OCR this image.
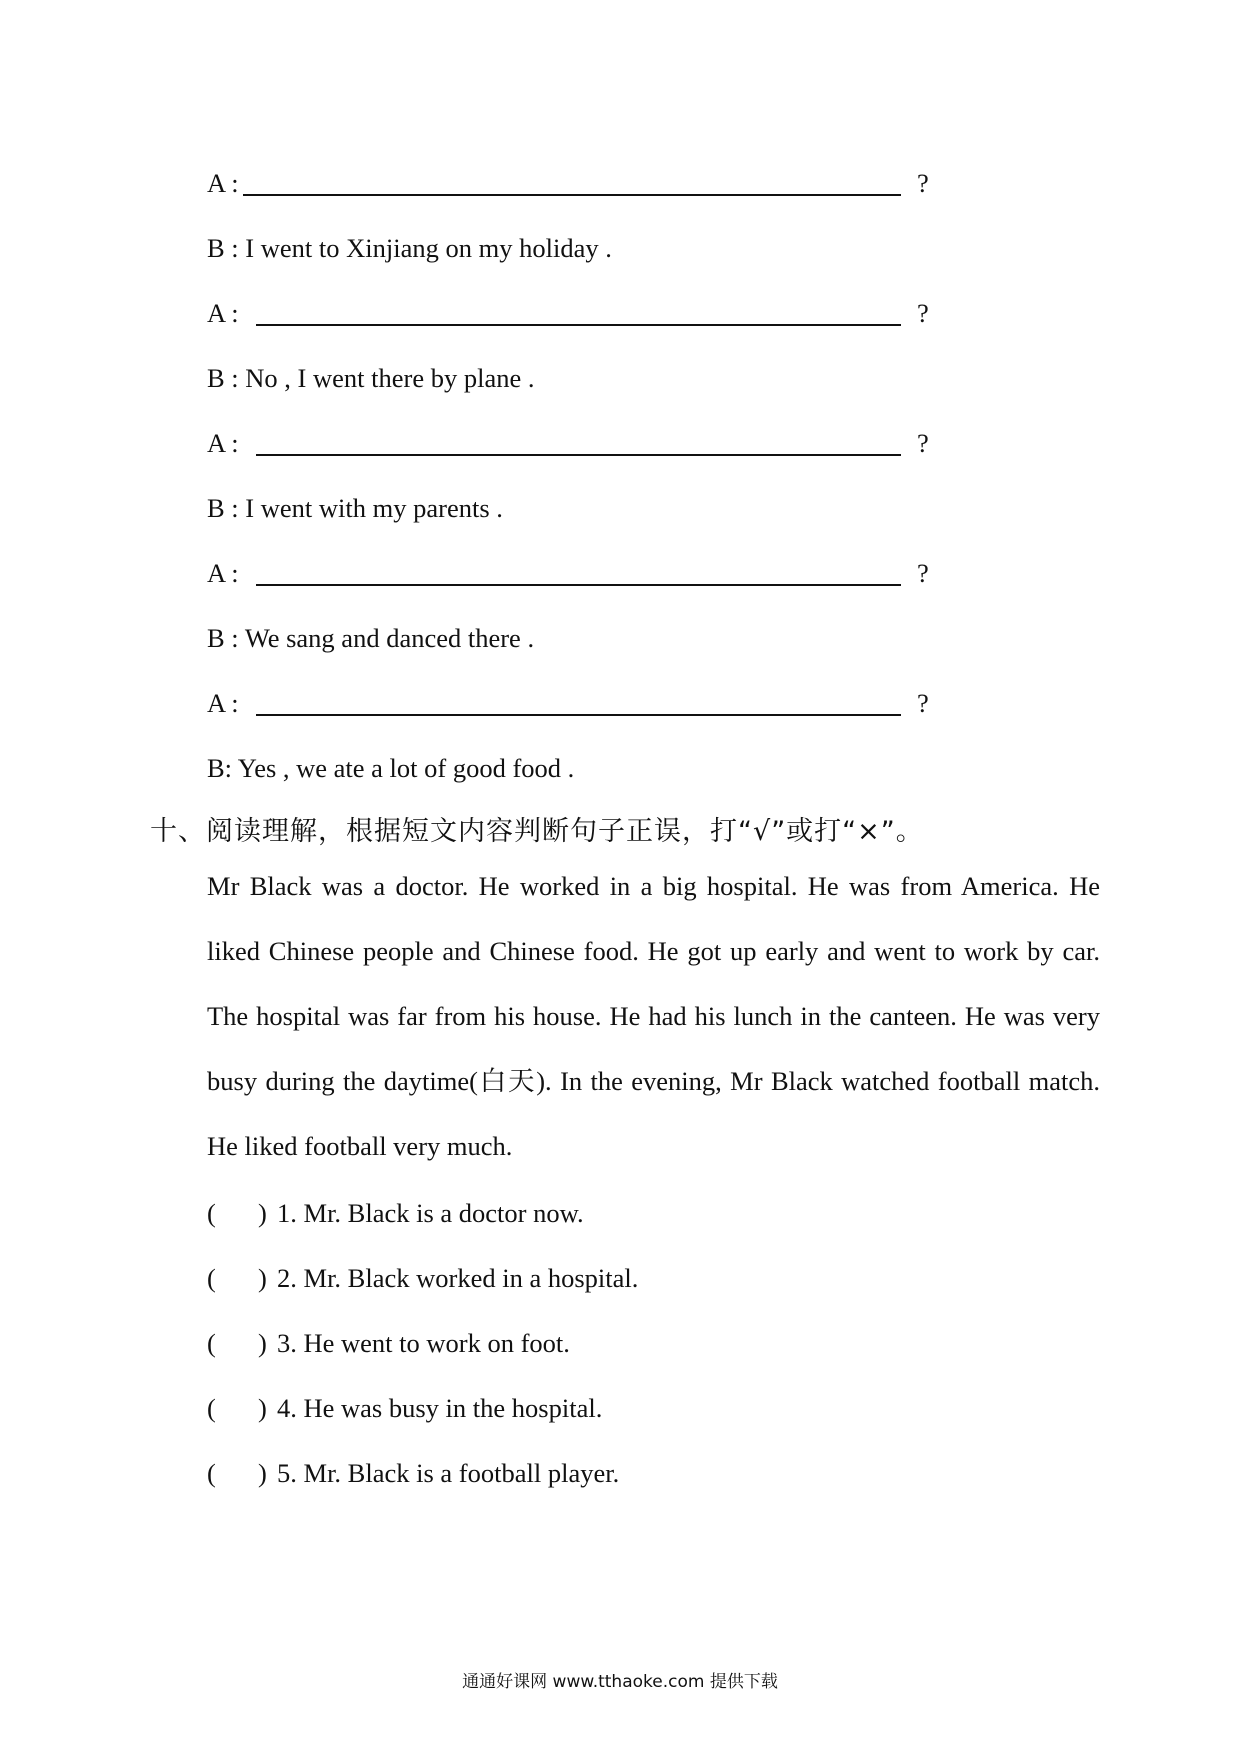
A :	?
B : I went to Xinjiang on my holiday .
A :	?
B : No , I went there by plane .
A :	?
B : I went with my parents .
A :	?
B : We sang and danced there .
A :	?
B: Yes , we ate a lot of good food .
十、阅读理解，根据短文内容判断句子正误，打“√”或打“×”。
Mr Black was a doctor. He worked in a big hospital. He was from America. He liked Chinese people and Chinese food. He got up early and went to work by car. The hospital was far from his house. He had his lunch in the canteen. He was very busy during the daytime(白天). In the evening, Mr Black watched football match. He liked football very much.
( ) 1. Mr. Black is a doctor now.
( ) 2. Mr. Black worked in a hospital.
( ) 3. He went to work on foot.
( ) 4. He was busy in the hospital.
( ) 5. Mr. Black is a football player.
通通好课网 www.tthaoke.com 提供下载
